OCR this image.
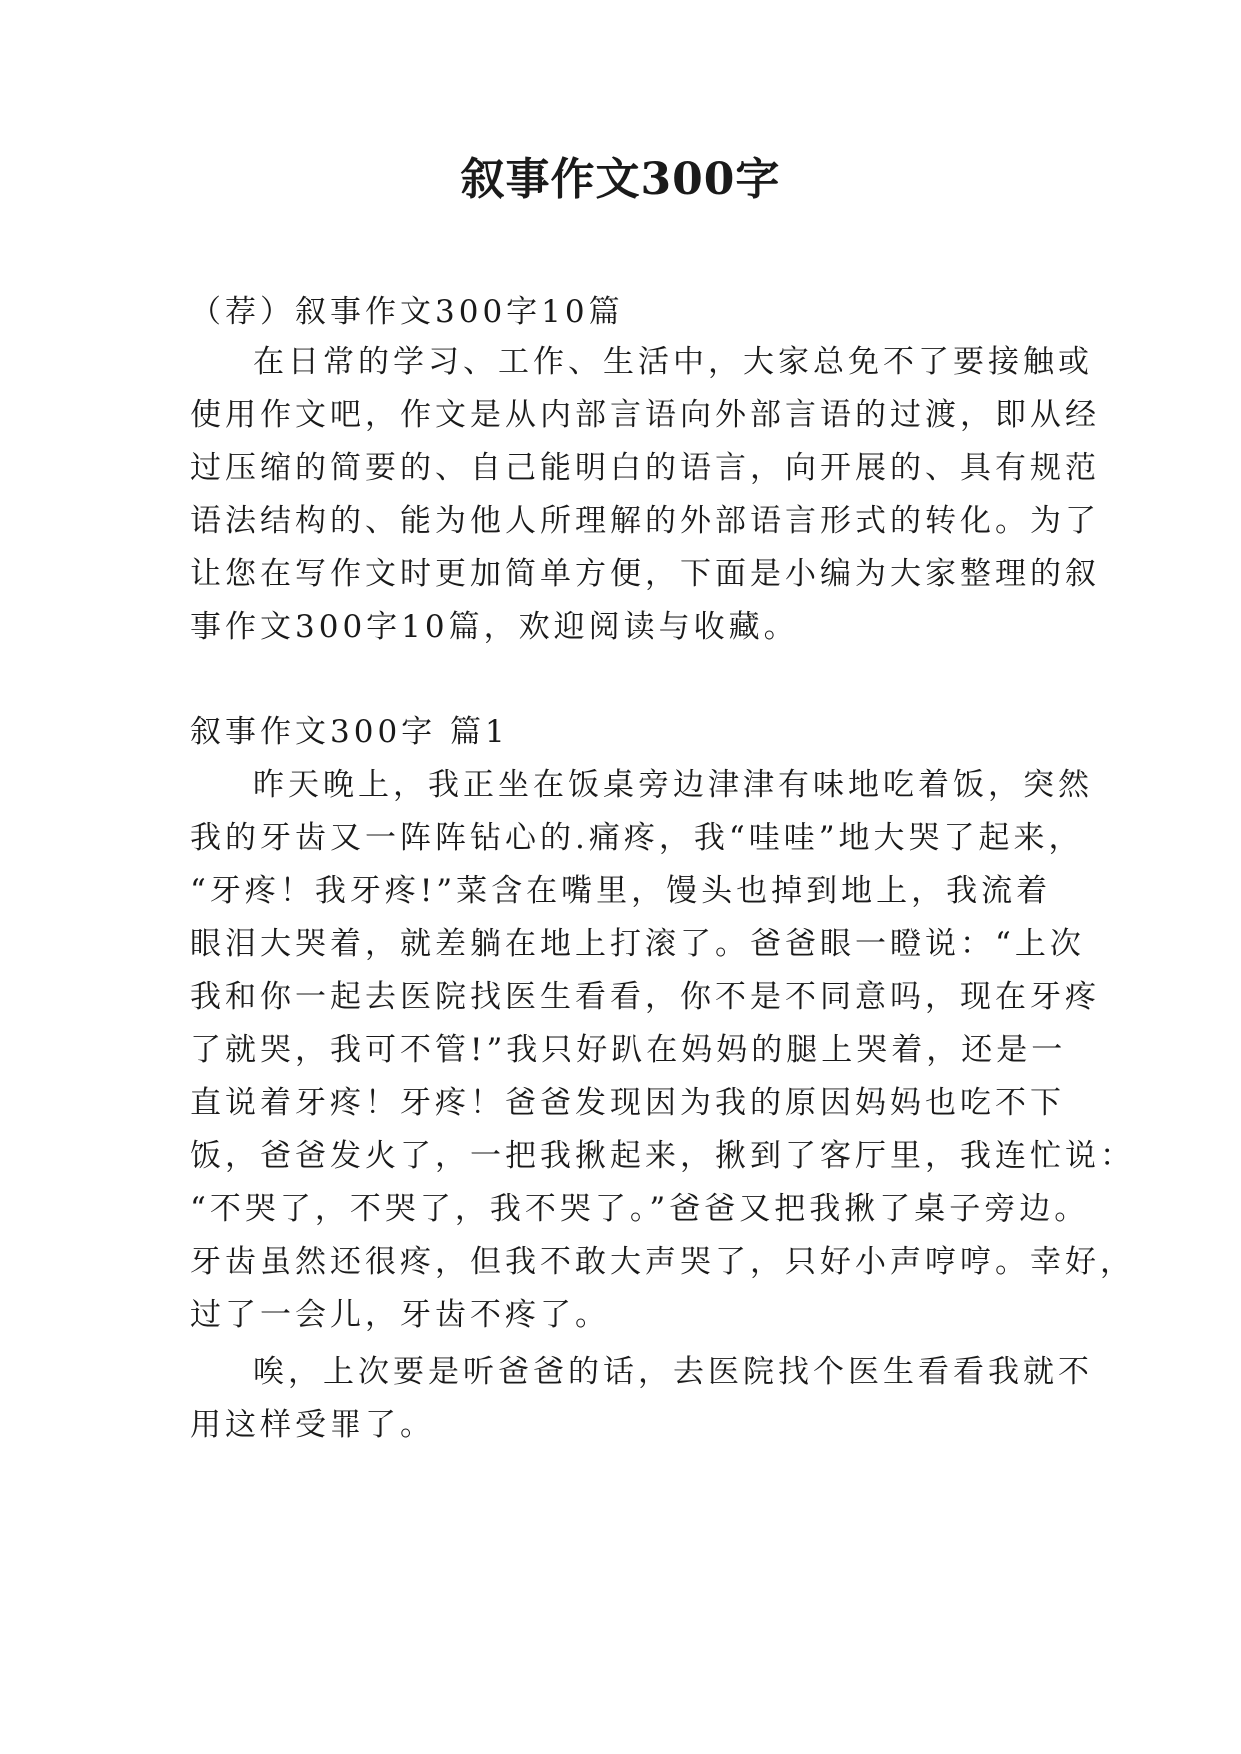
叙事作文300字

（荐）叙事作文300字10篇

在日常的学习、工作、生活中，大家总免不了要接触或

使用作文吧，作文是从内部言语向外部言语的过渡，即从经

过压缩的简要的、自己能明白的语言，向开展的、具有规范

语法结构的、能为他人所理解的外部语言形式的转化。为了

让您在写作文时更加简单方便，下面是小编为大家整理的叙

事作文300字10篇，欢迎阅读与收藏。

叙事作文300字 篇1

昨天晚上，我正坐在饭桌旁边津津有味地吃着饭，突然

我的牙齿又一阵阵钻心的.痛疼，我“哇哇”地大哭了起来，

“牙疼！我牙疼!”菜含在嘴里，馒头也掉到地上，我流着

眼泪大哭着，就差躺在地上打滚了。爸爸眼一瞪说：“上次

我和你一起去医院找医生看看，你不是不同意吗，现在牙疼

了就哭，我可不管!”我只好趴在妈妈的腿上哭着，还是一

直说着牙疼！牙疼！爸爸发现因为我的原因妈妈也吃不下

饭，爸爸发火了，一把我揪起来，揪到了客厅里，我连忙说：

“不哭了，不哭了，我不哭了。”爸爸又把我揪了桌子旁边。

牙齿虽然还很疼，但我不敢大声哭了，只好小声哼哼。幸好，

过了一会儿，牙齿不疼了。

唉，上次要是听爸爸的话，去医院找个医生看看我就不

用这样受罪了。
